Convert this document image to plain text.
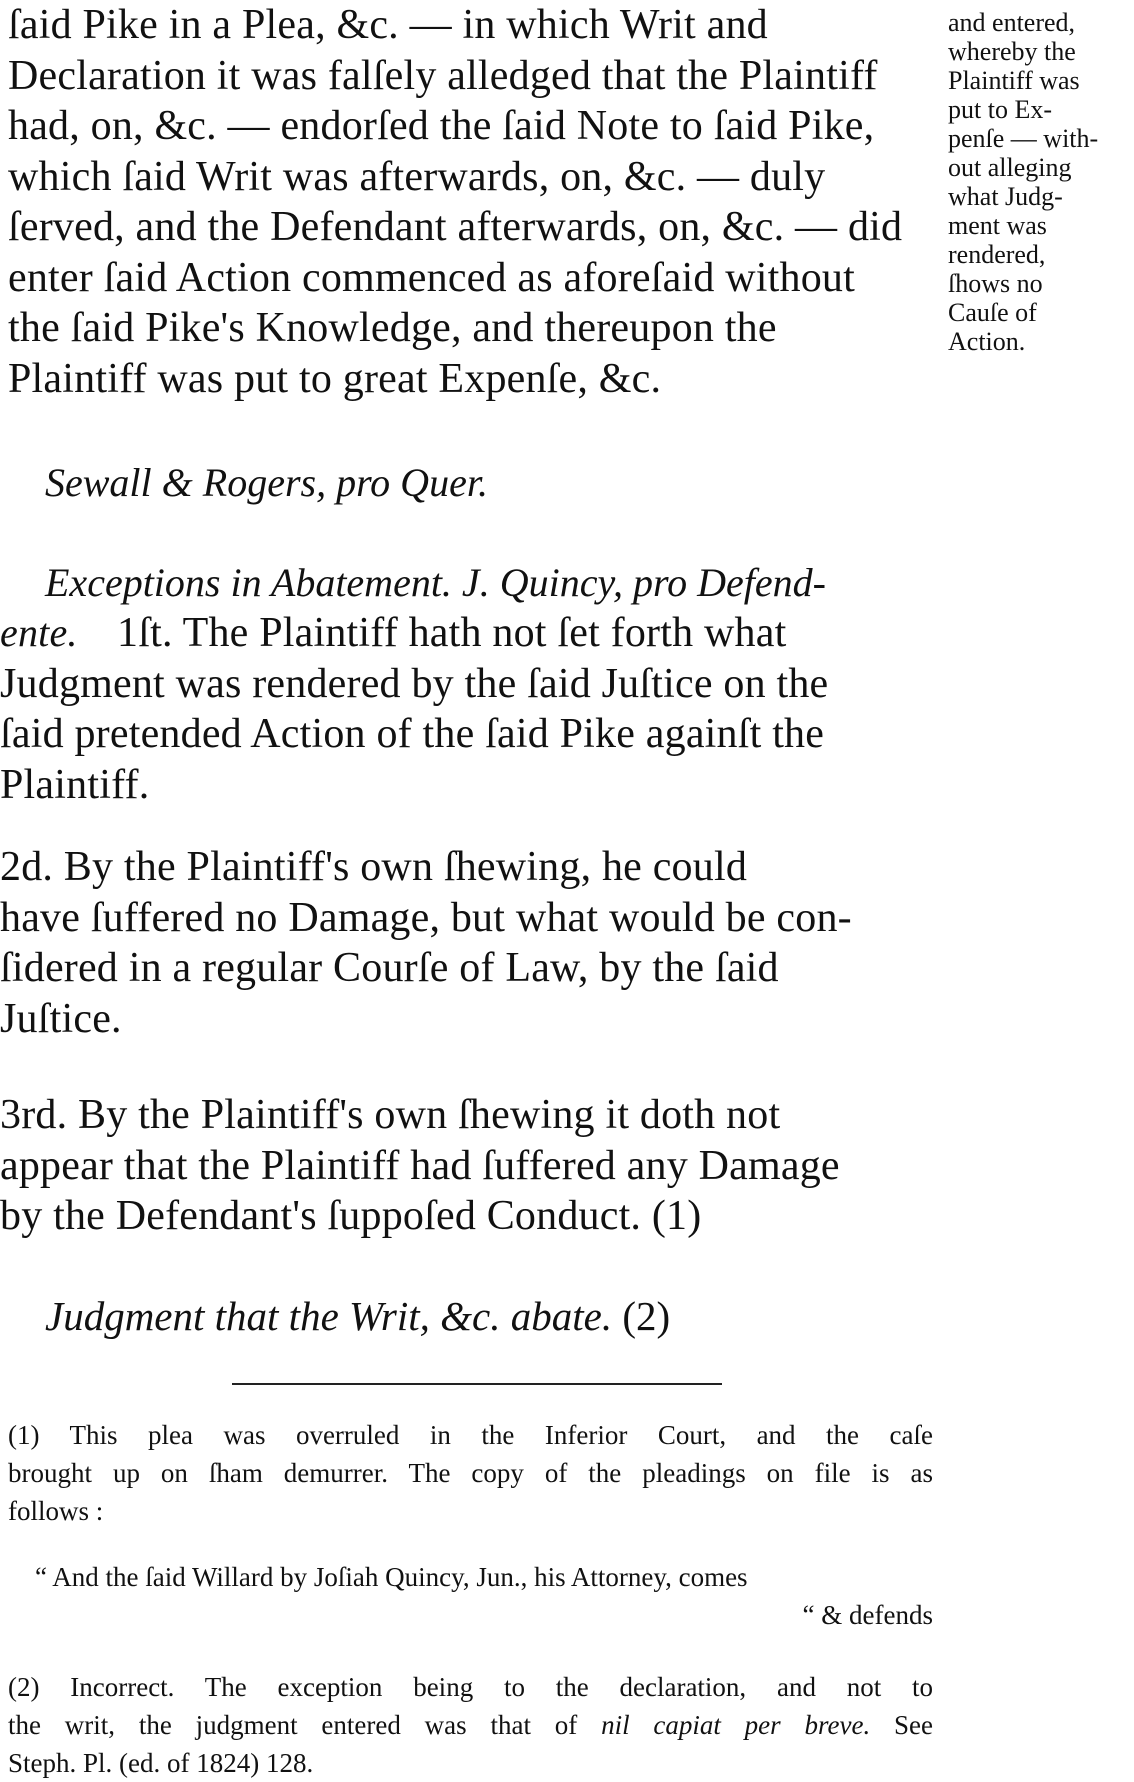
ſaid Pike in a Plea, &c. — in which Writ and

Declaration it was falſely alledged that the Plaintiff

had, on, &c. — endorſed the ſaid Note to ſaid Pike,

which ſaid Writ was afterwards, on, &c. — duly

ſerved, and the Defendant afterwards, on, &c. — did

enter ſaid Action commenced as aforeſaid without

the ſaid Pike's Knowledge, and thereupon the

Plaintiff was put to great Expenſe, &c.

and entered,
whereby the
Plaintiff was
put to Ex-
penſe — with-
out alleging
what Judg-
ment was
rendered,
ſhows no
Cauſe of
Action.

Sewall & Rogers, pro Quer.

Exceptions in Abatement. J. Quincy, pro Defend-

ente. 1ſt. The Plaintiff hath not ſet forth what

Judgment was rendered by the ſaid Juſtice on the

ſaid pretended Action of the ſaid Pike againſt the

Plaintiff.

2d. By the Plaintiff's own ſhewing, he could

have ſuffered no Damage, but what would be con-

ſidered in a regular Courſe of Law, by the ſaid

Juſtice.

3rd. By the Plaintiff's own ſhewing it doth not

appear that the Plaintiff had ſuffered any Damage

by the Defendant's ſuppoſed Conduct. (1)

Judgment that the Writ, &c. abate. (2)
(1) This plea was overruled in the Inferior Court, and the caſe
brought up on ſham demurrer. The copy of the pleadings on file is as
follows :
“ And the ſaid Willard by Joſiah Quincy, Jun., his Attorney, comes
“ & defends
(2) Incorrect. The exception being to the declaration, and not to
the writ, the judgment entered was that of nil capiat per breve. See
Steph. Pl. (ed. of 1824) 128.
